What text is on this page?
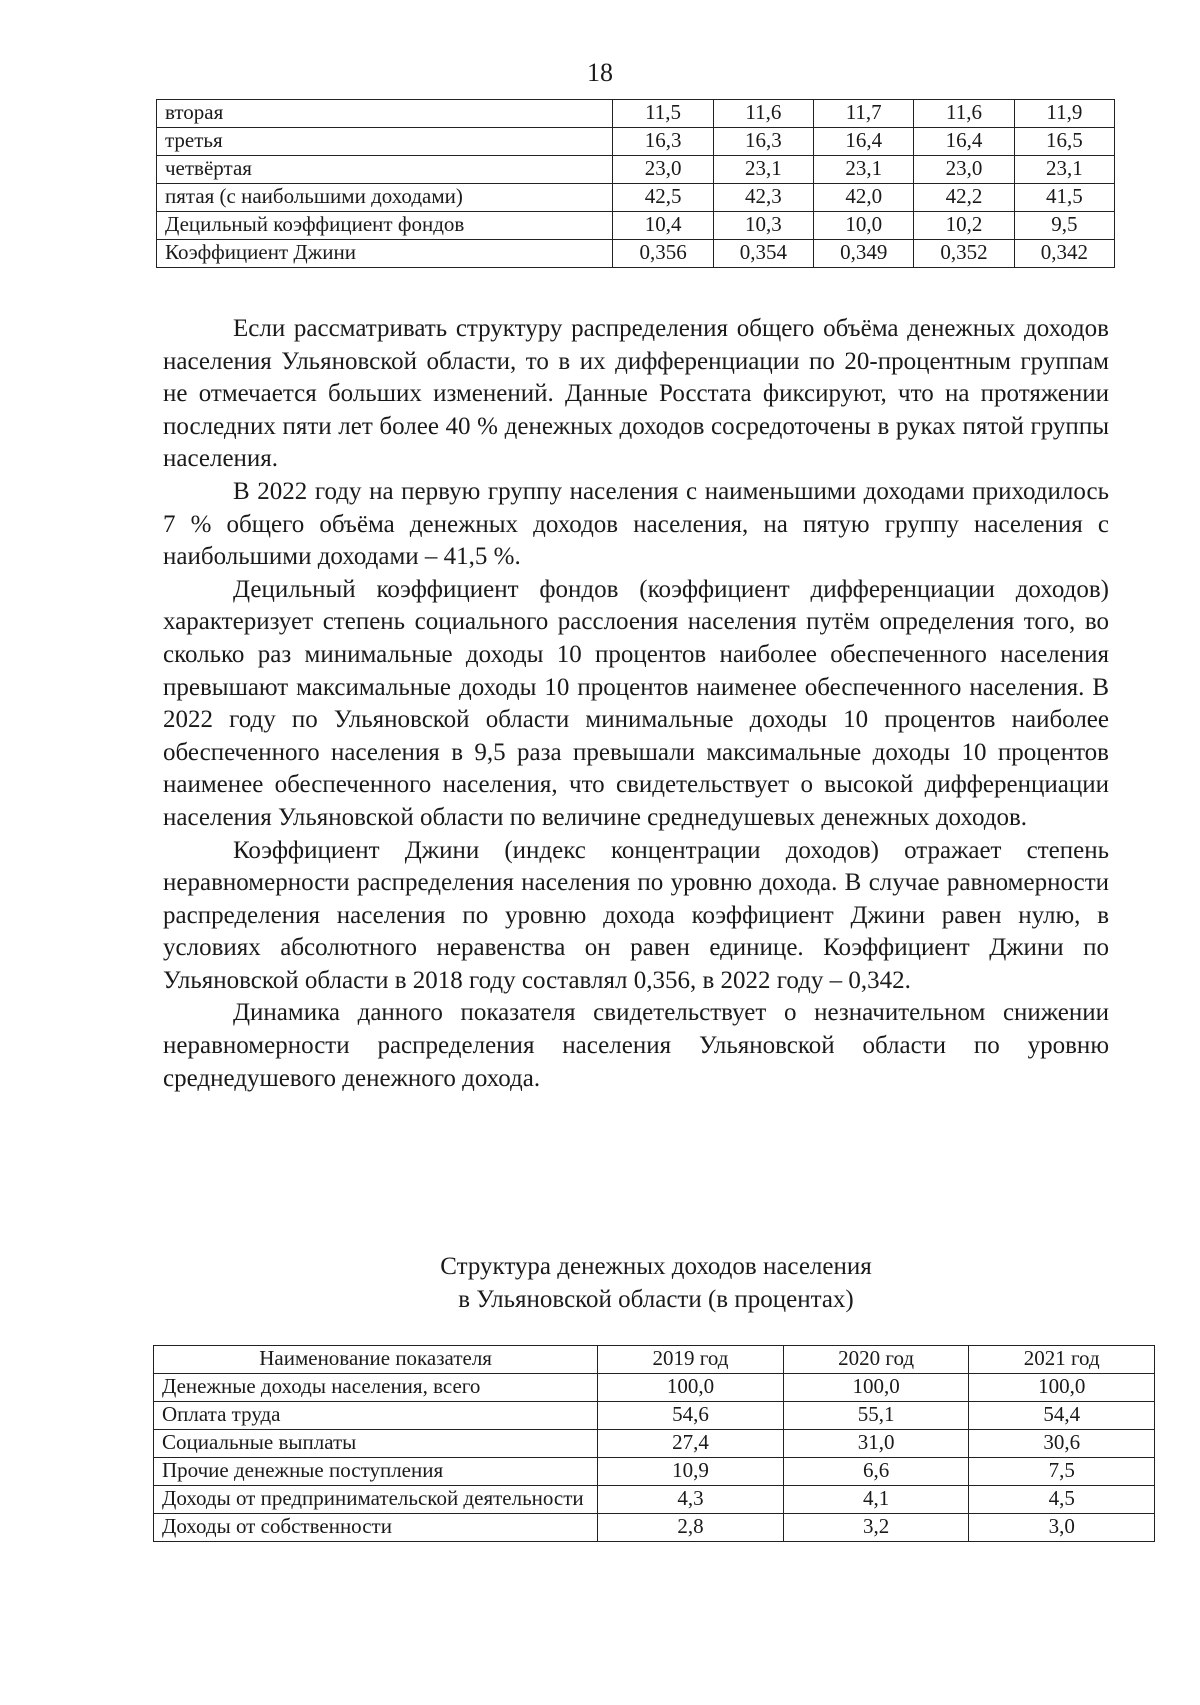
18
вторая	11,5	11,6	11,7	11,6	11,9
третья	16,3	16,3	16,4	16,4	16,5
четвёртая	23,0	23,1	23,1	23,0	23,1
пятая (с наибольшими доходами)	42,5	42,3	42,0	42,2	41,5
Децильный коэффициент фондов	10,4	10,3	10,0	10,2	9,5
Коэффициент Джини	0,356	0,354	0,349	0,352	0,342

Если рассматривать структуру распределения общего объёма денежных доходов населения Ульяновской области, то в их дифференциации по 20-процентным группам не отмечается больших изменений. Данные Росстата фиксируют, что на протяжении последних пяти лет более 40 % денежных доходов сосредоточены в руках пятой группы населения.

В 2022 году на первую группу населения с наименьшими доходами приходилось 7 % общего объёма денежных доходов населения, на пятую группу населения с наибольшими доходами – 41,5 %.

Децильный коэффициент фондов (коэффициент дифференциации доходов) характеризует степень социального расслоения населения путём определения того, во сколько раз минимальные доходы 10 процентов наиболее обеспеченного населения превышают максимальные доходы 10 процентов наименее обеспеченного населения. В 2022 году по Ульяновской области минимальные доходы 10 процентов наиболее обеспеченного населения в 9,5 раза превышали максимальные доходы 10 процентов наименее обеспеченного населения, что свидетельствует о высокой дифференциации населения Ульяновской области по величине среднедушевых денежных доходов.

Коэффициент Джини (индекс концентрации доходов) отражает степень неравномерности распределения населения по уровню дохода. В случае равномерности распределения населения по уровню дохода коэффициент Джини равен нулю, в условиях абсолютного неравенства он равен единице. Коэффициент Джини по Ульяновской области в 2018 году составлял 0,356, в 2022 году – 0,342.

Динамика данного показателя свидетельствует о незначительном снижении неравномерности распределения населения Ульяновской области по уровню среднедушевого денежного дохода.

Структура денежных доходов населения
в Ульяновской области (в процентах)
Наименование показателя	2019 год	2020 год	2021 год
Денежные доходы населения, всего	100,0	100,0	100,0
Оплата труда	54,6	55,1	54,4
Социальные выплаты	27,4	31,0	30,6
Прочие денежные поступления	10,9	6,6	7,5
Доходы от предпринимательской деятельности	4,3	4,1	4,5
Доходы от собственности	2,8	3,2	3,0
